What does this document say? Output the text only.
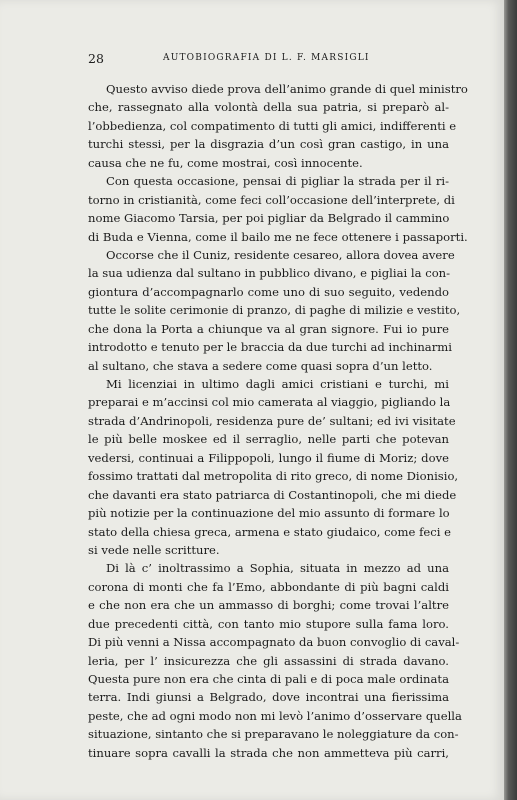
28	AUTOBIOGRAFIA DI L. F. MARSIGLI
Questo avviso diede prova dell’animo grande di quel ministro
che, rassegnato alla volontà della sua patria, si preparò al-
l’obbedienza, col compatimento di tutti gli amici, indifferenti e
turchi stessi, per la disgrazia d’un così gran castigo, in una
causa che ne fu, come mostrai, così innocente.
Con questa occasione, pensai di pigliar la strada per il ri-
torno in cristianità, come feci coll’occasione dell’interprete, di
nome Giacomo Tarsia, per poi pigliar da Belgrado il cammino
di Buda e Vienna, come il bailo me ne fece ottenere i passaporti.
Occorse che il Cuniz, residente cesareo, allora dovea avere
la sua udienza dal sultano in pubblico divano, e pigliai la con-
giontura d’accompagnarlo come uno di suo seguito, vedendo
tutte le solite cerimonie di pranzo, di paghe di milizie e vestito,
che dona la Porta a chiunque va al gran signore. Fui io pure
introdotto e tenuto per le braccia da due turchi ad inchinarmi
al sultano, che stava a sedere come quasi sopra d’un letto.
Mi licenziai in ultimo dagli amici cristiani e turchi, mi
preparai e m’accinsi col mio camerata al viaggio, pigliando la
strada d’Andrinopoli, residenza pure de’ sultani; ed ivi visitate
le più belle moskee ed il serraglio, nelle parti che potevan
vedersi, continuai a Filippopoli, lungo il fiume di Moriz; dove
fossimo trattati dal metropolita di rito greco, di nome Dionisio,
che davanti era stato patriarca di Costantinopoli, che mi diede
più notizie per la continuazione del mio assunto di formare lo
stato della chiesa greca, armena e stato giudaico, come feci e
si vede nelle scritture.
Di là c’ inoltrassimo a Sophia, situata in mezzo ad una
corona di monti che fa l’Emo, abbondante di più bagni caldi
e che non era che un ammasso di borghi; come trovai l’altre
due precedenti città, con tanto mio stupore sulla fama loro.
Di più venni a Nissa accompagnato da buon convoglio di caval-
leria, per l’ insicurezza che gli assassini di strada davano.
Questa pure non era che cinta di pali e di poca male ordinata
terra. Indi giunsi a Belgrado, dove incontrai una fierissima
peste, che ad ogni modo non mi levò l’animo d’osservare quella
situazione, sintanto che si preparavano le noleggiature da con-
tinuare sopra cavalli la strada che non ammetteva più carri,
